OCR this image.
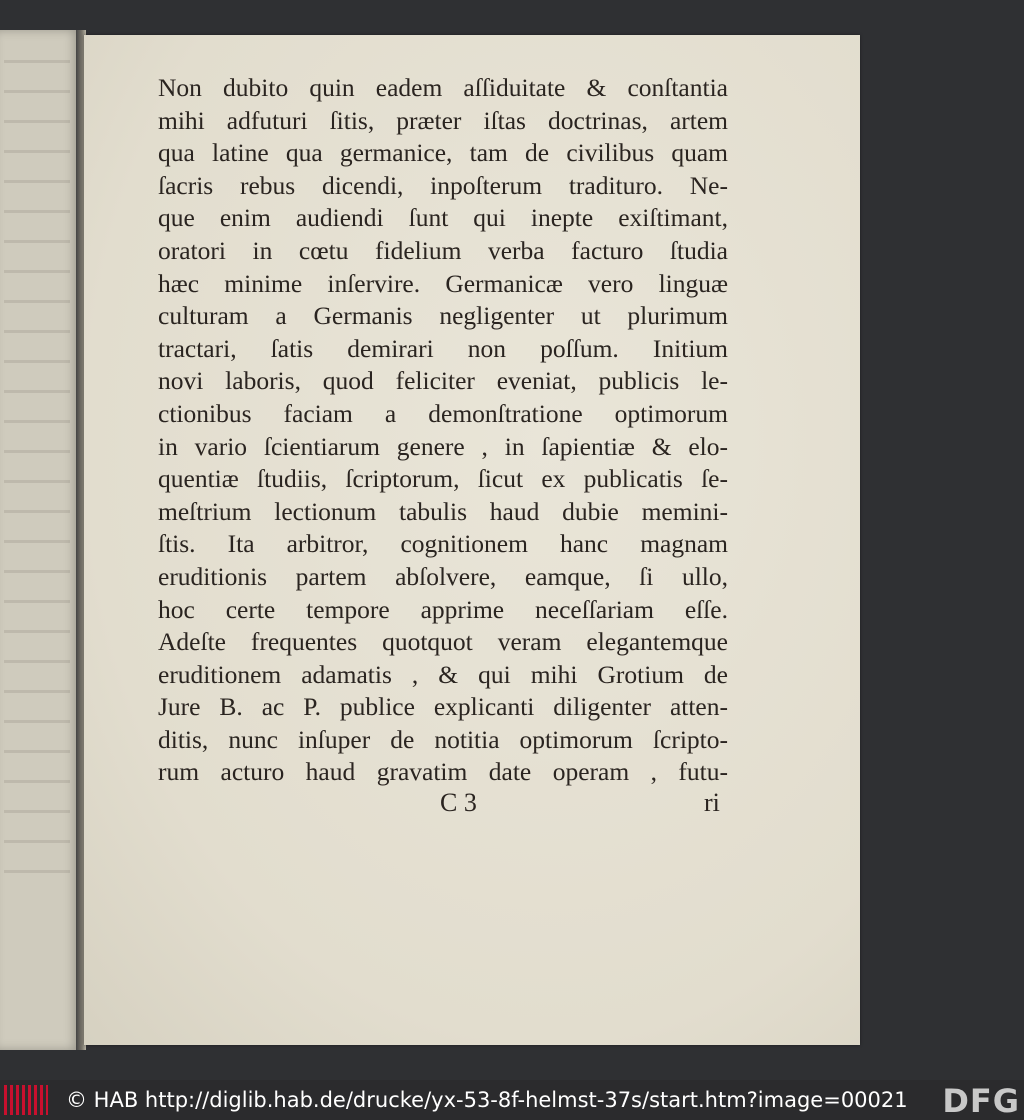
Non dubito quin eadem aſſiduitate & conſtantia
mihi adfuturi ſitis, præter iſtas doctrinas, artem
qua latine qua germanice, tam de civilibus quam
ſacris rebus dicendi, inpoſterum tradituro. Ne-
que enim audiendi ſunt qui inepte exiſtimant,
oratori in cœtu fidelium verba facturo ſtudia
hæc minime inſervire. Germanicæ vero linguæ
culturam a Germanis negligenter ut plurimum
tractari, ſatis demirari non poſſum. Initium
novi laboris, quod feliciter eveniat, publicis le-
ctionibus faciam a demonſtratione optimorum
in vario ſcientiarum genere , in ſapientiæ & elo-
quentiæ ſtudiis, ſcriptorum, ſicut ex publicatis ſe-
meſtrium lectionum tabulis haud dubie memini-
ſtis. Ita arbitror, cognitionem hanc magnam
eruditionis partem abſolvere, eamque, ſi ullo,
hoc certe tempore apprime neceſſariam eſſe.
Adeſte frequentes quotquot veram elegantemque
eruditionem adamatis , & qui mihi Grotium de
Jure B. ac P. publice explicanti diligenter atten-
ditis, nunc inſuper de notitia optimorum ſcripto-
rum acturo haud gravatim date operam , futu-
C 3	ri
© HAB http://diglib.hab.de/drucke/yx-53-8f-helmst-37s/start.htm?image=00021 DFG
